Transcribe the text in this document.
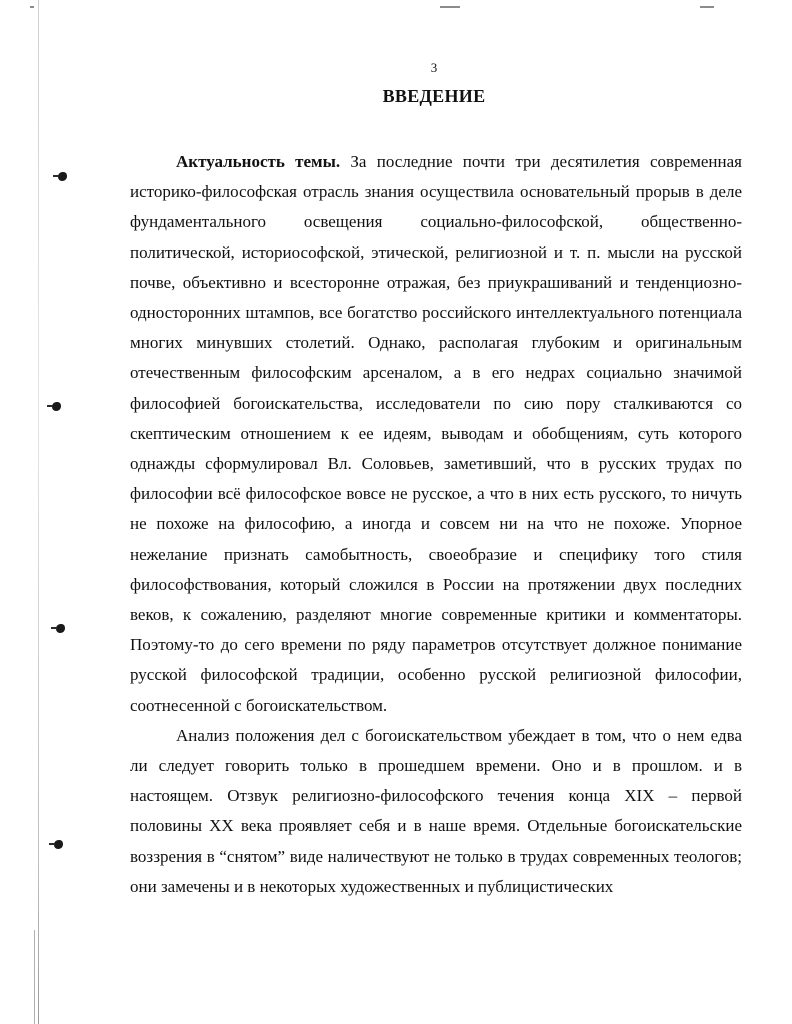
3
ВВЕДЕНИЕ

Актуальность темы. За последние почти три десятилетия современная историко-философская отрасль знания осуществила основательный прорыв в деле фундаментального освещения социально-философской, общественно-политической, историософской, этической, религиозной и т. п. мысли на русской почве, объективно и всесторонне отражая, без приукрашиваний и тенденциозно-односторонних штампов, все богатство российского интеллектуального потенциала многих минувших столетий. Однако, располагая глубоким и оригинальным отечественным философским арсеналом, а в его недрах социально значимой философией богоискательства, исследователи по сию пору сталкиваются со скептическим отношением к ее идеям, выводам и обобщениям, суть которого однажды сформулировал Вл. Соловьев, заметивший, что в русских трудах по философии всё философское вовсе не русское, а что в них есть русского, то ничуть не похоже на философию, а иногда и совсем ни на что не похоже. Упорное нежелание признать самобытность, своеобразие и специфику того стиля философствования, который сложился в России на протяжении двух последних веков, к сожалению, разделяют многие современные критики и комментаторы. Поэтому-то до сего времени по ряду параметров отсутствует должное понимание русской философской традиции, особенно русской религиозной философии, соотнесенной с богоискательством.

Анализ положения дел с богоискательством убеждает в том, что о нем едва ли следует говорить только в прошедшем времени. Оно и в прошлом. и в настоящем. Отзвук религиозно-философского течения конца XIX – первой половины XX века проявляет себя и в наше время. Отдельные богоискательские воззрения в “снятом” виде наличествуют не только в трудах современных теологов; они замечены и в некоторых художественных и публицистических
